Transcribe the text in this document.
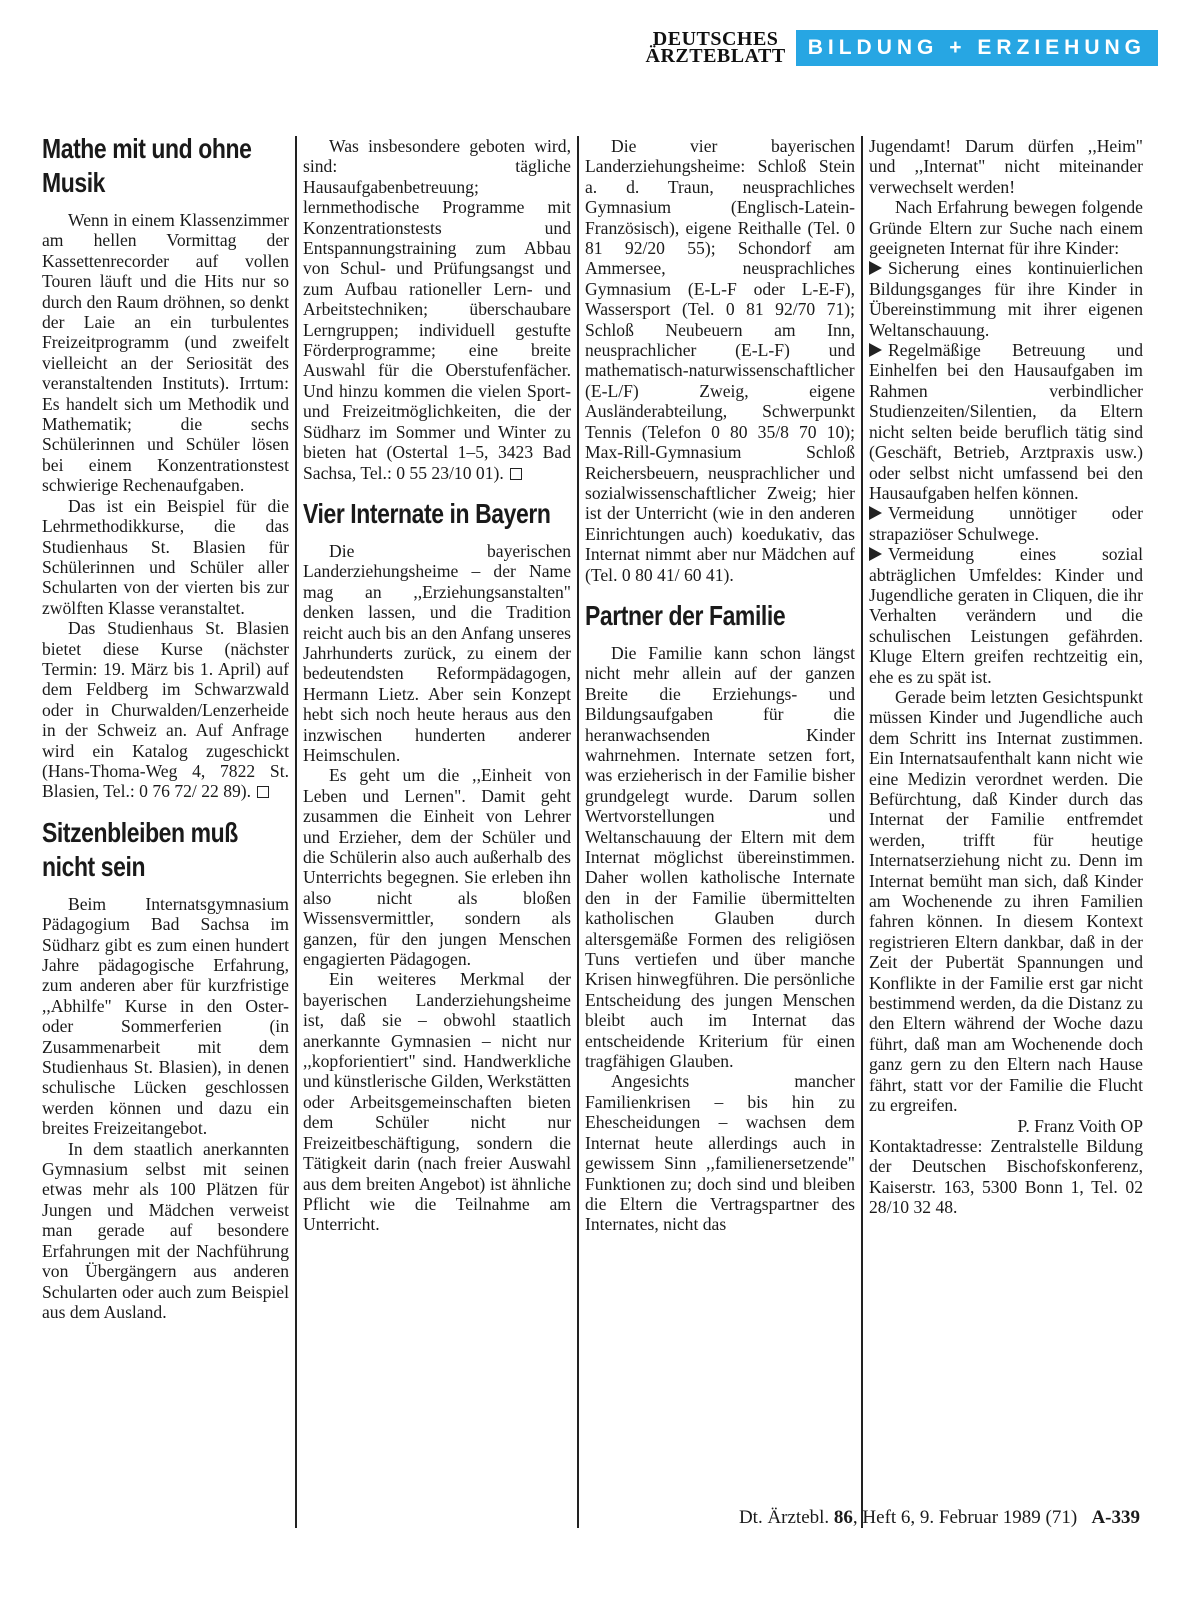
DEUTSCHES
ÄRZTEBLATT	BILDUNG + ERZIEHUNG
Mathe mit und ohne Musik

Wenn in einem Klassenzimmer am hellen Vormittag der Kassettenrecorder auf vollen Touren läuft und die Hits nur so durch den Raum dröhnen, so denkt der Laie an ein turbulentes Freizeitprogramm (und zweifelt vielleicht an der Seriosität des veranstaltenden Instituts). Irrtum: Es handelt sich um Methodik und Mathematik; die sechs Schülerinnen und Schüler lösen bei einem Konzentrationstest schwierige Rechenaufgaben.

Das ist ein Beispiel für die Lehrmethodikkurse, die das Studienhaus St. Blasien für Schülerinnen und Schüler aller Schularten von der vierten bis zur zwölften Klasse veranstaltet.

Das Studienhaus St. Blasien bietet diese Kurse (nächster Termin: 19. März bis 1. April) auf dem Feldberg im Schwarzwald oder in Churwalden/Lenzerheide in der Schweiz an. Auf Anfrage wird ein Katalog zugeschickt (Hans-Thoma-Weg 4, 7822 St. Blasien, Tel.: 0 76 72/ 22 89).

Sitzenbleiben muß nicht sein

Beim Internatsgymnasium Pädagogium Bad Sachsa im Südharz gibt es zum einen hundert Jahre pädagogische Erfahrung, zum anderen aber für kurzfristige ,,Abhilfe" Kurse in den Oster- oder Sommerferien (in Zusammenarbeit mit dem Studienhaus St. Blasien), in denen schulische Lücken geschlossen werden können und dazu ein breites Freizeitangebot.

In dem staatlich anerkannten Gymnasium selbst mit seinen etwas mehr als 100 Plätzen für Jungen und Mädchen verweist man gerade auf besondere Erfahrungen mit der Nachführung von Übergängern aus anderen Schularten oder auch zum Beispiel aus dem Ausland.

Was insbesondere geboten wird, sind: tägliche Hausaufgabenbetreuung; lernmethodische Programme mit Konzentrationstests und Entspannungstraining zum Abbau von Schul- und Prüfungsangst und zum Aufbau rationeller Lern- und Arbeitstechniken; überschaubare Lerngruppen; individuell gestufte Förderprogramme; eine breite Auswahl für die Oberstufenfächer. Und hinzu kommen die vielen Sport- und Freizeitmöglichkeiten, die der Südharz im Sommer und Winter zu bieten hat (Ostertal 1–5, 3423 Bad Sachsa, Tel.: 0 55 23/10 01).

Vier Internate in Bayern

Die bayerischen Landerziehungsheime – der Name mag an ,,Erziehungsanstalten" denken lassen, und die Tradition reicht auch bis an den Anfang unseres Jahrhunderts zurück, zu einem der bedeutendsten Reformpädagogen, Hermann Lietz. Aber sein Konzept hebt sich noch heute heraus aus den inzwischen hunderten anderer Heimschulen.

Es geht um die ,,Einheit von Leben und Lernen". Damit geht zusammen die Einheit von Lehrer und Erzieher, dem der Schüler und die Schülerin also auch außerhalb des Unterrichts begegnen. Sie erleben ihn also nicht als bloßen Wissensvermittler, sondern als ganzen, für den jungen Menschen engagierten Pädagogen.

Ein weiteres Merkmal der bayerischen Landerziehungsheime ist, daß sie – obwohl staatlich anerkannte Gymnasien – nicht nur ,,kopforientiert" sind. Handwerkliche und künstlerische Gilden, Werkstätten oder Arbeitsgemeinschaften bieten dem Schüler nicht nur Freizeitbeschäftigung, sondern die Tätigkeit darin (nach freier Auswahl aus dem breiten Angebot) ist ähnliche Pflicht wie die Teilnahme am Unterricht.

Die vier bayerischen Landerziehungsheime: Schloß Stein a. d. Traun, neusprachliches Gymnasium (Englisch-Latein-Französisch), eigene Reithalle (Tel. 0 81 92/20 55); Schondorf am Ammersee, neusprachliches Gymnasium (E-L-F oder L-E-F), Wassersport (Tel. 0 81 92/70 71); Schloß Neubeuern am Inn, neusprachlicher (E-L-F) und mathematisch-naturwissenschaftlicher (E-L/F) Zweig, eigene Ausländerabteilung, Schwerpunkt Tennis (Telefon 0 80 35/8 70 10); Max-Rill-Gymnasium Schloß Reichersbeuern, neusprachlicher und sozialwissenschaftlicher Zweig; hier ist der Unterricht (wie in den anderen Einrichtungen auch) koedukativ, das Internat nimmt aber nur Mädchen auf (Tel. 0 80 41/ 60 41).

Partner der Familie

Die Familie kann schon längst nicht mehr allein auf der ganzen Breite die Erziehungs- und Bildungsaufgaben für die heranwachsenden Kinder wahrnehmen. Internate setzen fort, was erzieherisch in der Familie bisher grundgelegt wurde. Darum sollen Wertvorstellungen und Weltanschauung der Eltern mit dem Internat möglichst übereinstimmen. Daher wollen katholische Internate den in der Familie übermittelten katholischen Glauben durch altersgemäße Formen des religiösen Tuns vertiefen und über manche Krisen hinwegführen. Die persönliche Entscheidung des jungen Menschen bleibt auch im Internat das entscheidende Kriterium für einen tragfähigen Glauben.

Angesichts mancher Familienkrisen – bis hin zu Ehescheidungen – wachsen dem Internat heute allerdings auch in gewissem Sinn ,,familienersetzende" Funktionen zu; doch sind und bleiben die Eltern die Vertragspartner des Internates, nicht das

Jugendamt! Darum dürfen ,,Heim" und ,,Internat" nicht miteinander verwechselt werden!

Nach Erfahrung bewegen folgende Gründe Eltern zur Suche nach einem geeigneten Internat für ihre Kinder:

Sicherung eines kontinuierlichen Bildungsganges für ihre Kinder in Übereinstimmung mit ihrer eigenen Weltanschauung.

Regelmäßige Betreuung und Einhelfen bei den Hausaufgaben im Rahmen verbindlicher Studienzeiten/Silentien, da Eltern nicht selten beide beruflich tätig sind (Geschäft, Betrieb, Arztpraxis usw.) oder selbst nicht umfassend bei den Hausaufgaben helfen können.

Vermeidung unnötiger oder strapaziöser Schulwege.

Vermeidung eines sozial abträglichen Umfeldes: Kinder und Jugendliche geraten in Cliquen, die ihr Verhalten verändern und die schulischen Leistungen gefährden. Kluge Eltern greifen rechtzeitig ein, ehe es zu spät ist.

Gerade beim letzten Gesichtspunkt müssen Kinder und Jugendliche auch dem Schritt ins Internat zustimmen. Ein Internatsaufenthalt kann nicht wie eine Medizin verordnet werden. Die Befürchtung, daß Kinder durch das Internat der Familie entfremdet werden, trifft für heutige Internatserziehung nicht zu. Denn im Internat bemüht man sich, daß Kinder am Wochenende zu ihren Familien fahren können. In diesem Kontext registrieren Eltern dankbar, daß in der Zeit der Pubertät Spannungen und Konflikte in der Familie erst gar nicht bestimmend werden, da die Distanz zu den Eltern während der Woche dazu führt, daß man am Wochenende doch ganz gern zu den Eltern nach Hause fährt, statt vor der Familie die Flucht zu ergreifen.

P. Franz Voith OP

Kontaktadresse: Zentralstelle Bildung der Deutschen Bischofskonferenz, Kaiserstr. 163, 5300 Bonn 1, Tel. 02 28/10 32 48.

Dt. Ärztebl. 86, Heft 6, 9. Februar 1989 (71) A-339
